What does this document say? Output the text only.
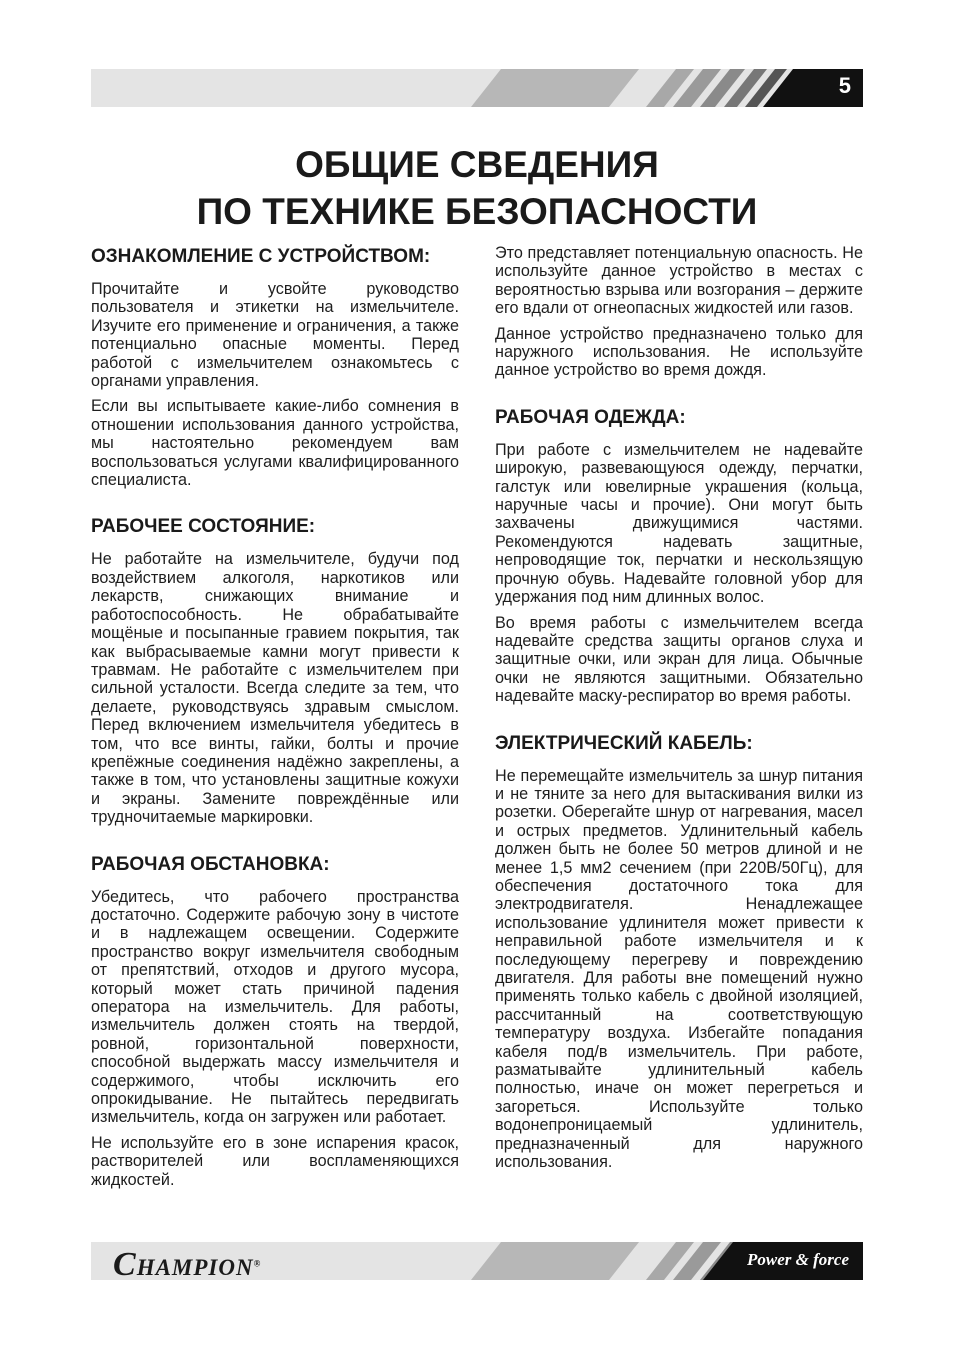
5
ОБЩИЕ СВЕДЕНИЯ
ПО ТЕХНИКЕ БЕЗОПАСНОСТИ
ОЗНАКОМЛЕНИЕ С УСТРОЙСТВОМ:

Прочитайте и усвойте руководство пользователя и этикетки на измельчителе. Изучите его применение и ограничения, а также потенциально опасные моменты. Перед работой с измельчителем ознакомьтесь с органами управления.

Если вы испытываете какие-либо сомнения в отношении использования данного устройства, мы настоятельно рекомендуем вам воспользоваться услугами квалифицированного специалиста.

РАБОЧЕЕ СОСТОЯНИЕ:

Не работайте на измельчителе, будучи под воздействием алкоголя, наркотиков или лекарств, снижающих внимание и работоспособность. Не обрабатывайте мощёные и посыпанные гравием покрытия, так как выбрасываемые камни могут привести к травмам. Не работайте с измельчителем при сильной усталости. Всегда следите за тем, что делаете, руководствуясь здравым смыслом. Перед включением измельчителя убедитесь в том, что все винты, гайки, болты и прочие крепёжные соединения надёжно закреплены, а также в том, что установлены защитные кожухи и экраны. Замените повреждённые или трудночитаемые маркировки.

РАБОЧАЯ ОБСТАНОВКА:

Убедитесь, что рабочего пространства достаточно. Содержите рабочую зону в чистоте и в надлежащем освещении. Содержите пространство вокруг измельчителя свободным от препятствий, отходов и другого мусора, который может стать причиной падения оператора на измельчитель. Для работы, измельчитель должен стоять на твердой, ровной, горизонтальной поверхности, способной выдержать массу измельчителя и содержимого, чтобы исключить его опрокидывание. Не пытайтесь передвигать измельчитель, когда он загружен или работает.

Не используйте его в зоне испарения красок, растворителей или воспламеняющихся жидкостей.

Это представляет потенциальную опасность. Не используйте данное устройство в местах с вероятностью взрыва или возгорания – держите его вдали от огнеопасных жидкостей или газов.

Данное устройство предназначено только для наружного использования. Не используйте данное устройство во время дождя.

РАБОЧАЯ ОДЕЖДА:

При работе с измельчителем не надевайте широкую, развевающуюся одежду, перчатки, галстук или ювелирные украшения (кольца, наручные часы и прочие). Они могут быть захвачены движущимися частями. Рекомендуются надевать защитные, непроводящие ток, перчатки и нескользящую прочную обувь. Надевайте головной убор для удержания под ним длинных волос.

Во время работы с измельчителем всегда надевайте средства защиты органов слуха и защитные очки, или экран для лица. Обычные очки не являются защитными. Обязательно надевайте маску-респиратор во время работы.

ЭЛЕКТРИЧЕСКИЙ КАБЕЛЬ:

Не перемещайте измельчитель за шнур питания и не тяните за него для вытаскивания вилки из розетки. Оберегайте шнур от нагревания, масел и острых предметов. Удлинительный кабель должен быть не более 50 метров длиной и не менее 1,5 мм2 сечением (при 220В/50Гц), для обеспечения достаточного тока для электродвигателя. Ненадлежащее использование удлинителя может привести к неправильной работе измельчителя и к последующему перегреву и повреждению двигателя. Для работы вне помещений нужно применять только кабель с двойной изоляцией, рассчитанный на соответствующую температуру воздуха. Избегайте попадания кабеля под/в измельчитель. При работе, разматывайте удлинительный кабель полностью, иначе он может перегреться и загореться. Используйте только водонепроницаемый удлинитель, предназначенный для наружного использования.

CHAMPION®	Power & force
